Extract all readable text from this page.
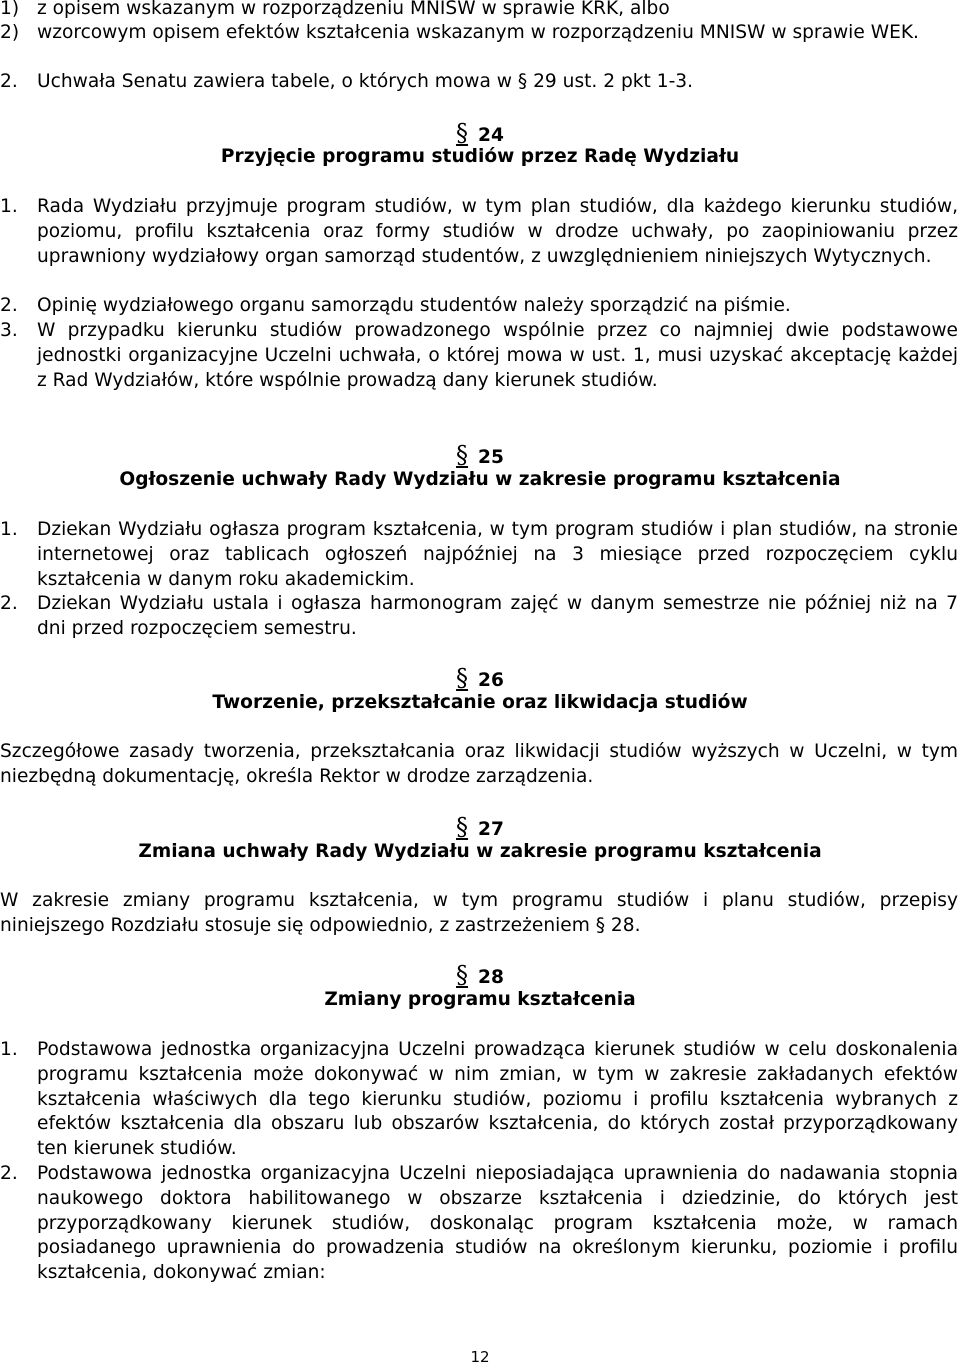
1) z opisem wskazanym w rozporządzeniu MNISW w sprawie KRK, albo
2) wzorcowym opisem efektów kształcenia wskazanym w rozporządzeniu MNISW w sprawie WEK.
2. Uchwała Senatu zawiera tabele, o których mowa w § 29 ust. 2 pkt 1-3.
§ 24
Przyjęcie programu studiów przez Radę Wydziału
1. Rada Wydziału przyjmuje program studiów, w tym plan studiów, dla każdego kierunku studiów, poziomu, profilu kształcenia oraz formy studiów w drodze uchwały, po zaopiniowaniu przez uprawniony wydziałowy organ samorząd studentów, z uwzględnieniem niniejszych Wytycznych.
2. Opinię wydziałowego organu samorządu studentów należy sporządzić na piśmie.
3. W przypadku kierunku studiów prowadzonego wspólnie przez co najmniej dwie podstawowe jednostki organizacyjne Uczelni uchwała, o której mowa w ust. 1, musi uzyskać akceptację każdej z Rad Wydziałów, które wspólnie prowadzą dany kierunek studiów.
§ 25
Ogłoszenie uchwały Rady Wydziału w zakresie programu kształcenia
1. Dziekan Wydziału ogłasza program kształcenia, w tym program studiów i plan studiów, na stronie internetowej oraz tablicach ogłoszeń najpóźniej na 3 miesiące przed rozpoczęciem cyklu kształcenia w danym roku akademickim.
2. Dziekan Wydziału ustala i ogłasza harmonogram zajęć w danym semestrze nie później niż na 7 dni przed rozpoczęciem semestru.
§ 26
Tworzenie, przekształcanie oraz likwidacja studiów
Szczegółowe zasady tworzenia, przekształcania oraz likwidacji studiów wyższych w Uczelni, w tym niezbędną dokumentację, określa Rektor w drodze zarządzenia.
§ 27
Zmiana uchwały Rady Wydziału w zakresie programu kształcenia
W zakresie zmiany programu kształcenia, w tym programu studiów i planu studiów, przepisy niniejszego Rozdziału stosuje się odpowiednio, z zastrzeżeniem § 28.
§ 28
Zmiany programu kształcenia
1. Podstawowa jednostka organizacyjna Uczelni prowadząca kierunek studiów w celu doskonalenia programu kształcenia może dokonywać w nim zmian, w tym w zakresie zakładanych efektów kształcenia właściwych dla tego kierunku studiów, poziomu i profilu kształcenia wybranych z efektów kształcenia dla obszaru lub obszarów kształcenia, do których został przyporządkowany ten kierunek studiów.
2. Podstawowa jednostka organizacyjna Uczelni nieposiadająca uprawnienia do nadawania stopnia naukowego doktora habilitowanego w obszarze kształcenia i dziedzinie, do których jest przyporządkowany kierunek studiów, doskonaląc program kształcenia może, w ramach posiadanego uprawnienia do prowadzenia studiów na określonym kierunku, poziomie i profilu kształcenia, dokonywać zmian:
12
